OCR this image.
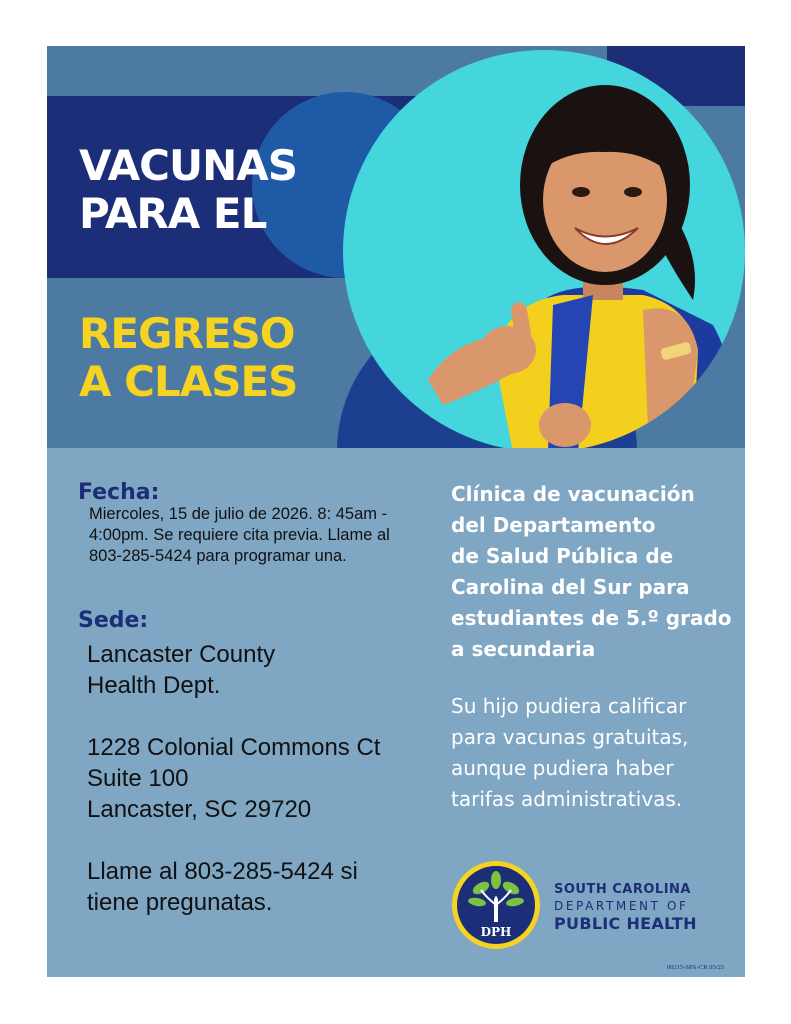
VACUNAS
PARA EL
REGRESO
A CLASES
Fecha:

Miercoles, 15 de julio de 2026. 8: 45am - 4:00pm. Se requiere cita previa. Llame al 803-285-5424 para programar una.

Sede:

Lancaster County
Health Dept.
1228 Colonial Commons Ct
Suite 100
Lancaster, SC 29720
Llame al 803-285-5424 si
tiene pregunatas.

Clínica de vacunación
del Departamento
de Salud Pública de
Carolina del Sur para
estudiantes de 5.º grado
a secundaria

Su hijo pudiera calificar
para vacunas gratuitas,
aunque pudiera haber
tarifas administrativas.

DPH

SOUTH CAROLINA
DEPARTMENT OF
PUBLIC HEALTH

00215-SPA-CR 03/25
